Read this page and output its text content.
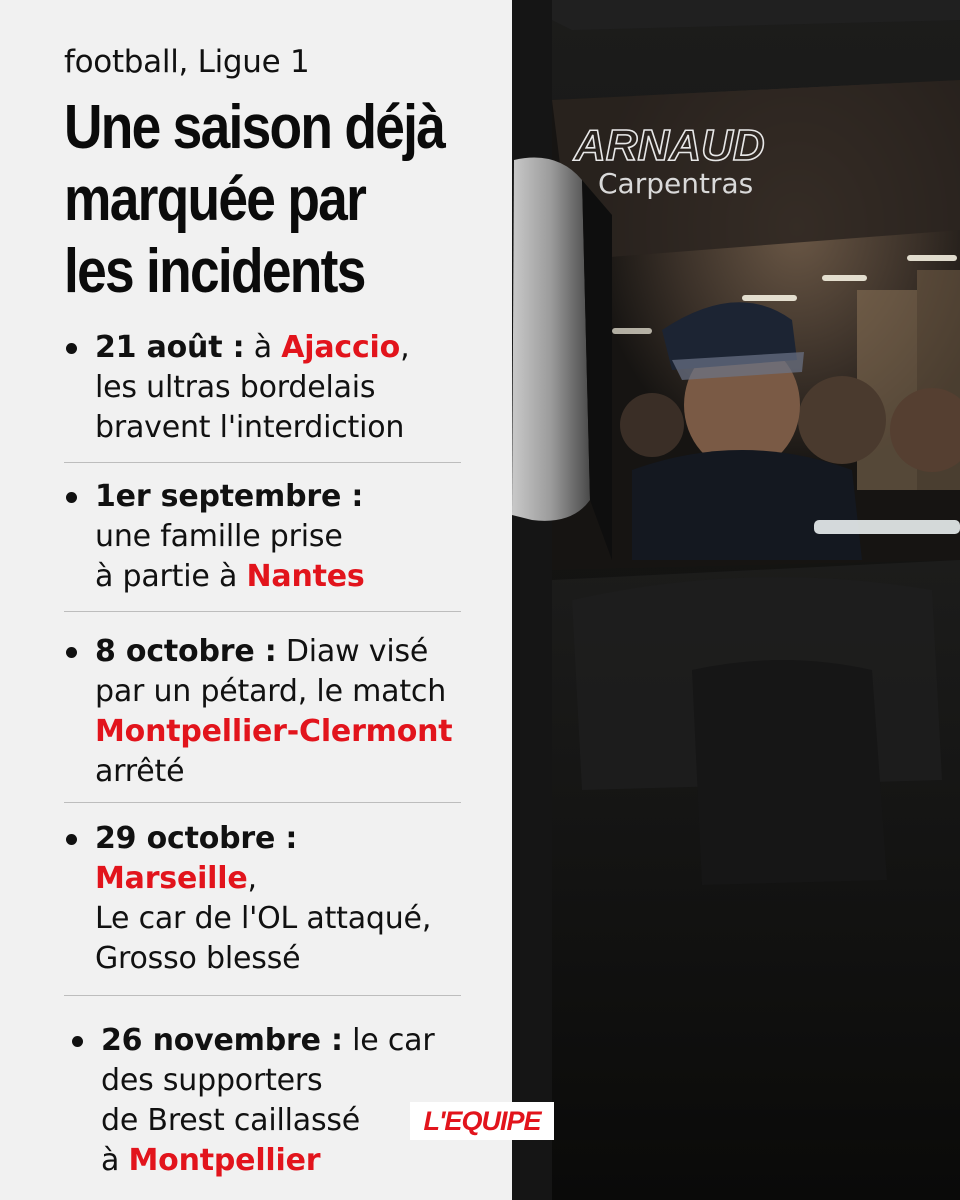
football, Ligue 1
Une saison déjà
marquée par
les incidents
21 août : à Ajaccio,
les ultras bordelais
bravent l'interdiction
1er septembre :
une famille prise
à partie à Nantes
8 octobre : Diaw visé
par un pétard, le match
Montpellier-Clermont
arrêté
29 octobre : Marseille,
Le car de l'OL attaqué,
Grosso blessé
26 novembre : le car
des supporters
de Brest caillassé
à Montpellier
ARNAUD
Carpentras
L'EQUIPE
